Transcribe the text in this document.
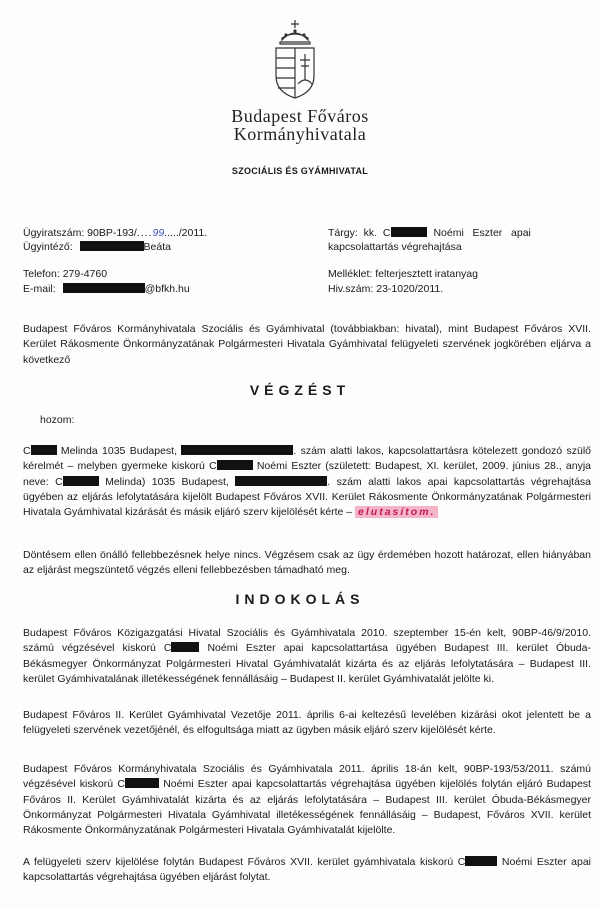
Budapest Főváros
Kormányhivatala
SZOCIÁLIS ÉS GYÁMHIVATAL
Ügyiratszám: 90BP-193/....99...../2011.
Ügyintéző:	Beáta
Telefon: 279-4760
E-mail:	@bfkh.hu
Tárgy:  kk.  C	Noémi   Eszter   apai
kapcsolattartás végrehajtása
Melléklet: felterjesztett iratanyag
Hiv.szám: 23-1020/2011.
Budapest Főváros Kormányhivatala Szociális és Gyámhivatal (továbbiakban: hivatal), mint Budapest Főváros XVII. Kerület Rákosmente Önkormányzatának Polgármesteri Hivatala Gyámhivatal felügyeleti szervének jogkörében eljárva a következő
VÉGZÉST
hozom:
C Melinda 1035 Budapest,	. szám alatti lakos, kapcsolattartásra kötelezett gondozó szülő kérelmét – melyben gyermeke kiskorú C	Noémi Eszter (született: Budapest, XI. kerület, 2009. június 28., anyja neve: C	Melinda) 1035 Budapest,	. szám alatti lakos apai kapcsolattartás végrehajtása ügyében az eljárás lefolytatására kijelölt Budapest Főváros XVII. Kerület Rákosmente Önkormányzatának Polgármesteri Hivatala Gyámhivatal kizárását és másik eljáró szerv kijelölését kérte – elutasítom.
Döntésem ellen önálló fellebbezésnek helye nincs. Végzésem csak az ügy érdemében hozott határozat, ellen hiányában az eljárást megszüntető végzés elleni fellebbezésben támadható meg.
INDOKOLÁS
Budapest Főváros Közigazgatási Hivatal Szociális és Gyámhivatala 2010. szeptember 15-én kelt, 90BP-46/9/2010. számú végzésével kiskorú C	Noémi Eszter apai kapcsolattartása ügyében Budapest III. kerület Óbuda-Békásmegyer Önkormányzat Polgármesteri Hivatal Gyámhivatalát kizárta és az eljárás lefolytatására – Budapest III. kerület Gyámhivatalának illetékességének fennállásáig – Budapest II. kerület Gyámhivatalát jelölte ki.
Budapest Főváros II. Kerület Gyámhivatal Vezetője 2011. április 6-ai keltezésű levelében kizárási okot jelentett be a felügyeleti szervének vezetőjénél, és elfogultsága miatt az ügyben másik eljáró szerv kijelölését kérte.
Budapest Főváros Kormányhivatala Szociális és Gyámhivatala 2011. április 18-án kelt, 90BP-193/53/2011. számú végzésével kiskorú C	Noémi Eszter apai kapcsolattartás végrehajtása ügyében kijelölés folytán eljáró Budapest Főváros II. Kerület Gyámhivatalát kizárta és az eljárás lefolytatására – Budapest III. kerület Óbuda-Békásmegyer Önkormányzat Polgármesteri Hivatala Gyámhivatal illetékességének fennállásáig – Budapest, Főváros XVII. kerület Rákosmente Önkormányzatának Polgármesteri Hivatala Gyámhivatalát kijelölte.
A felügyeleti szerv kijelölése folytán Budapest Főváros XVII. kerület gyámhivatala kiskorú C	Noémi Eszter apai kapcsolattartás végrehajtása ügyében eljárást folytat.
